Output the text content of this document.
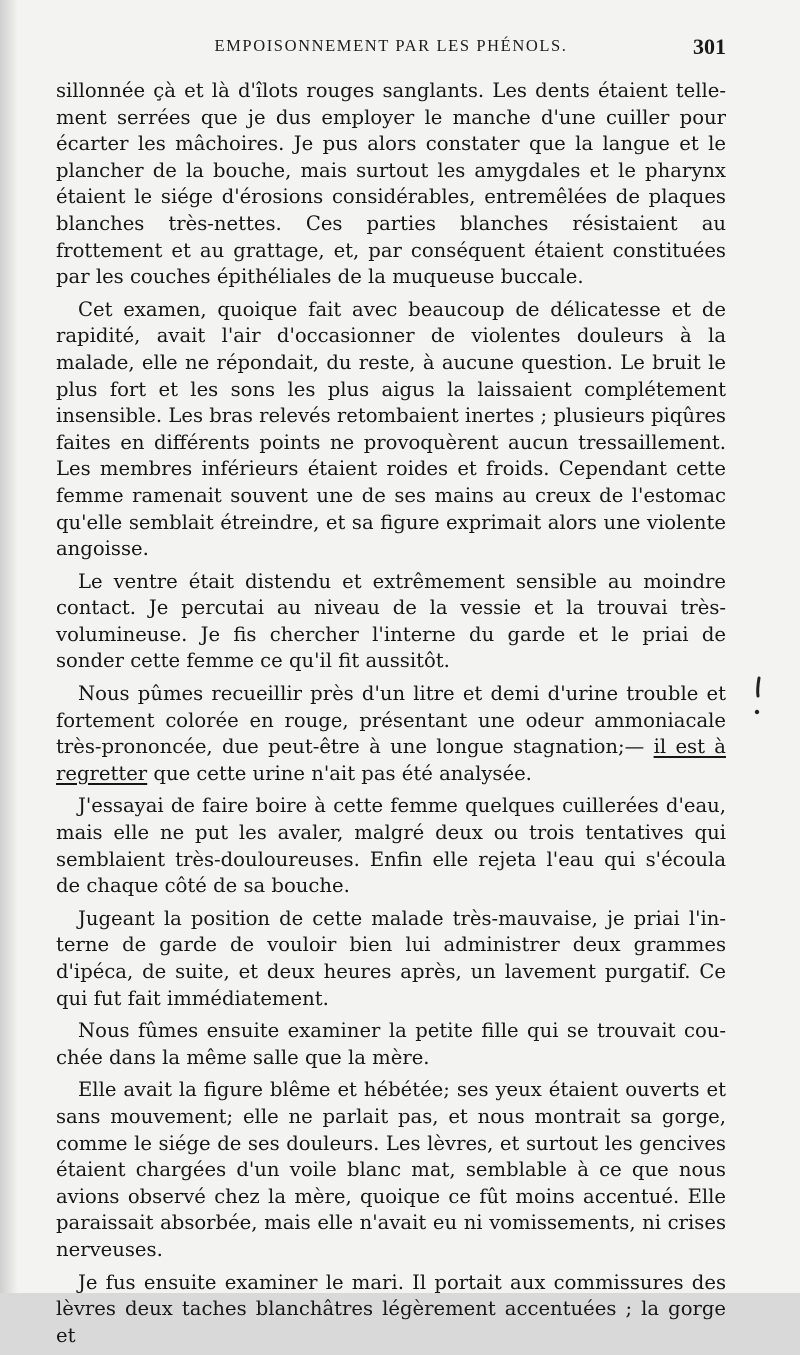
EMPOISONNEMENT PAR LES PHÉNOLS.	301

sillonnée çà et là d'îlots rouges sanglants. Les dents étaient tellement serrées que je dus employer le manche d'une cuiller pour écarter les mâchoires. Je pus alors constater que la langue et le plancher de la bouche, mais surtout les amygdales et le pharynx étaient le siége d'érosions considérables, entremêlées de plaques blanches très-nettes. Ces parties blanches résistaient au frottement et au grattage, et, par conséquent étaient constituées par les couches épithéliales de la muqueuse buccale.

Cet examen, quoique fait avec beaucoup de délicatesse et de rapidité, avait l'air d'occasionner de violentes douleurs à la malade, elle ne répondait, du reste, à aucune question. Le bruit le plus fort et les sons les plus aigus la laissaient complétement insensible. Les bras relevés retombaient inertes ; plusieurs piqûres faites en différents points ne provoquèrent aucun tressaillement. Les membres inférieurs étaient roides et froids. Cependant cette femme ramenait souvent une de ses mains au creux de l'estomac qu'elle semblait étreindre, et sa figure exprimait alors une violente angoisse.

Le ventre était distendu et extrêmement sensible au moindre contact. Je percutai au niveau de la vessie et la trouvai très-volumineuse. Je fis chercher l'interne du garde et le priai de sonder cette femme ce qu'il fit aussitôt.

Nous pûmes recueillir près d'un litre et demi d'urine trouble et fortement colorée en rouge, présentant une odeur ammoniacale très-prononcée, due peut-être à une longue stagnation;— il est à regretter que cette urine n'ait pas été analysée.

J'essayai de faire boire à cette femme quelques cuillerées d'eau, mais elle ne put les avaler, malgré deux ou trois tentatives qui semblaient très-douloureuses. Enfin elle rejeta l'eau qui s'écoula de chaque côté de sa bouche.

Jugeant la position de cette malade très-mauvaise, je priai l'interne de garde de vouloir bien lui administrer deux grammes d'ipéca, de suite, et deux heures après, un lavement purgatif. Ce qui fut fait immédiatement.

Nous fûmes ensuite examiner la petite fille qui se trouvait couchée dans la même salle que la mère.

Elle avait la figure blême et hébétée; ses yeux étaient ouverts et sans mouvement; elle ne parlait pas, et nous montrait sa gorge, comme le siége de ses douleurs. Les lèvres, et surtout les gencives étaient chargées d'un voile blanc mat, semblable à ce que nous avions observé chez la mère, quoique ce fût moins accentué. Elle paraissait absorbée, mais elle n'avait eu ni vomissements, ni crises nerveuses.

Je fus ensuite examiner le mari. Il portait aux commissures des lèvres deux taches blanchâtres légèrement accentuées ; la gorge et
